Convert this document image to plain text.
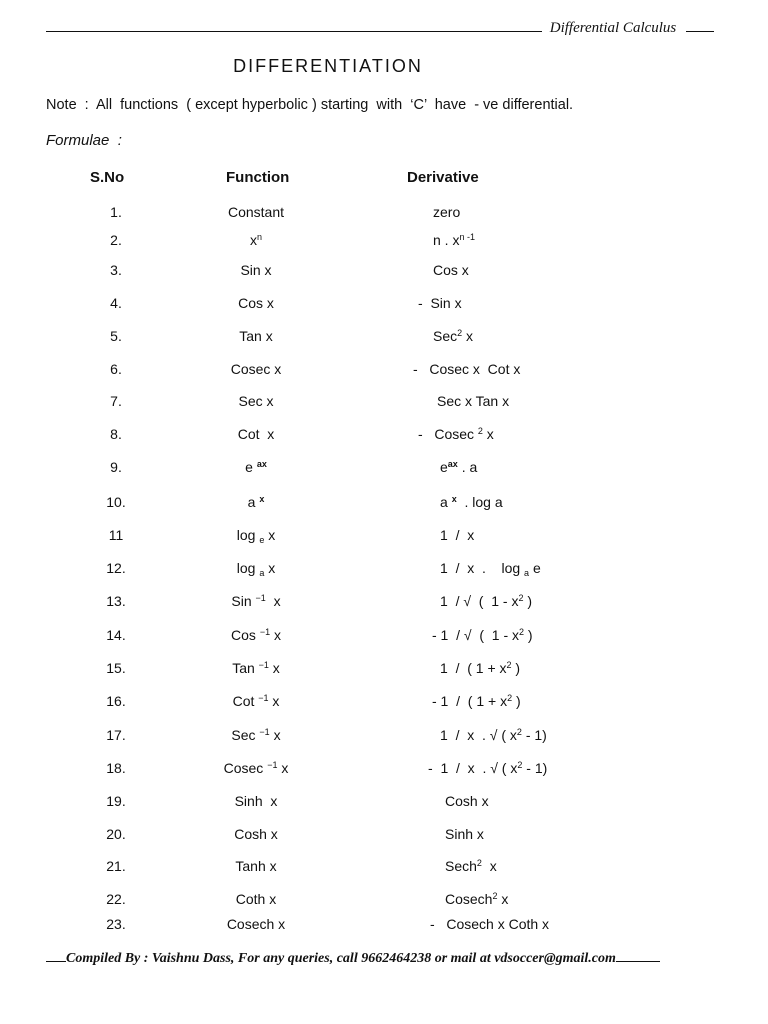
Differential Calculus
DIFFERENTIATION
Note  :  All  functions  ( except hyperbolic ) starting  with  ‘C’  have  - ve differential.
Formulae  :
S.No	Function	Derivative
1.	Constant	zero
2.	$x^n$	n . $x^{n -1}$
3.	Sin x	Cos x
4.	Cos x	-  Sin x
5.	Tan x	Sec$^2$ x
6.	Cosec x	-   Cosec x  Cot x
7.	Sec x	Sec x Tan x
8.	Cot  x	-   Cosec $^2$ x
9.	e $^{ax}$	$e^{ax}$ . a
10.	a $^x$	a $^x$  . log a
11	log $_e$ x	1  /  x
12.	log $_a$ x	1  /  x  .    log $_a$ e
13.	Sin $^{-1}$  x	1  / √  (  $1 - x^2$ )
14.	Cos $^{-1}$ x	- 1  / √  (  $1 - x^2$ )
15.	Tan $^{-1}$ x	1  /  ( $1 + x^2$ )
16.	Cot $^{-1}$ x	- 1  /  ( $1 + x^2$ )
17.	Sec $^{-1}$ x	1  /  x  . √ ( $x^2 - 1$)
18.	Cosec $^{-1}$ x	-  1  /  x  . √ ( $x^2 - 1$)
19.	Sinh  x	Cosh x
20.	Cosh x	Sinh x
21.	Tanh x	Sech$^2$  x
22.	Coth x	Cosech$^2$ x
23.	Cosech x	-   Cosech x Coth x
Compiled By : Vaishnu Dass, For any queries, call 9662464238 or mail at vdsoccer@gmail.com
